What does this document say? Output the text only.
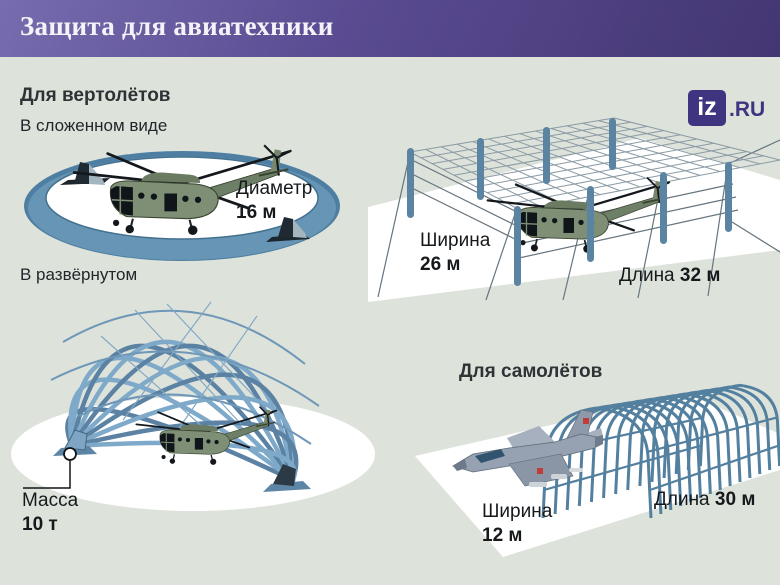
Защита для авиатехники
iz .RU
Для вертолётов
В сложенном виде
В развёрнутом
Для самолётов
Диаметр
16 м
Ширина
26 м
Длина 32 м
Масса
10 т
Ширина
12 м
Длина 30 м
